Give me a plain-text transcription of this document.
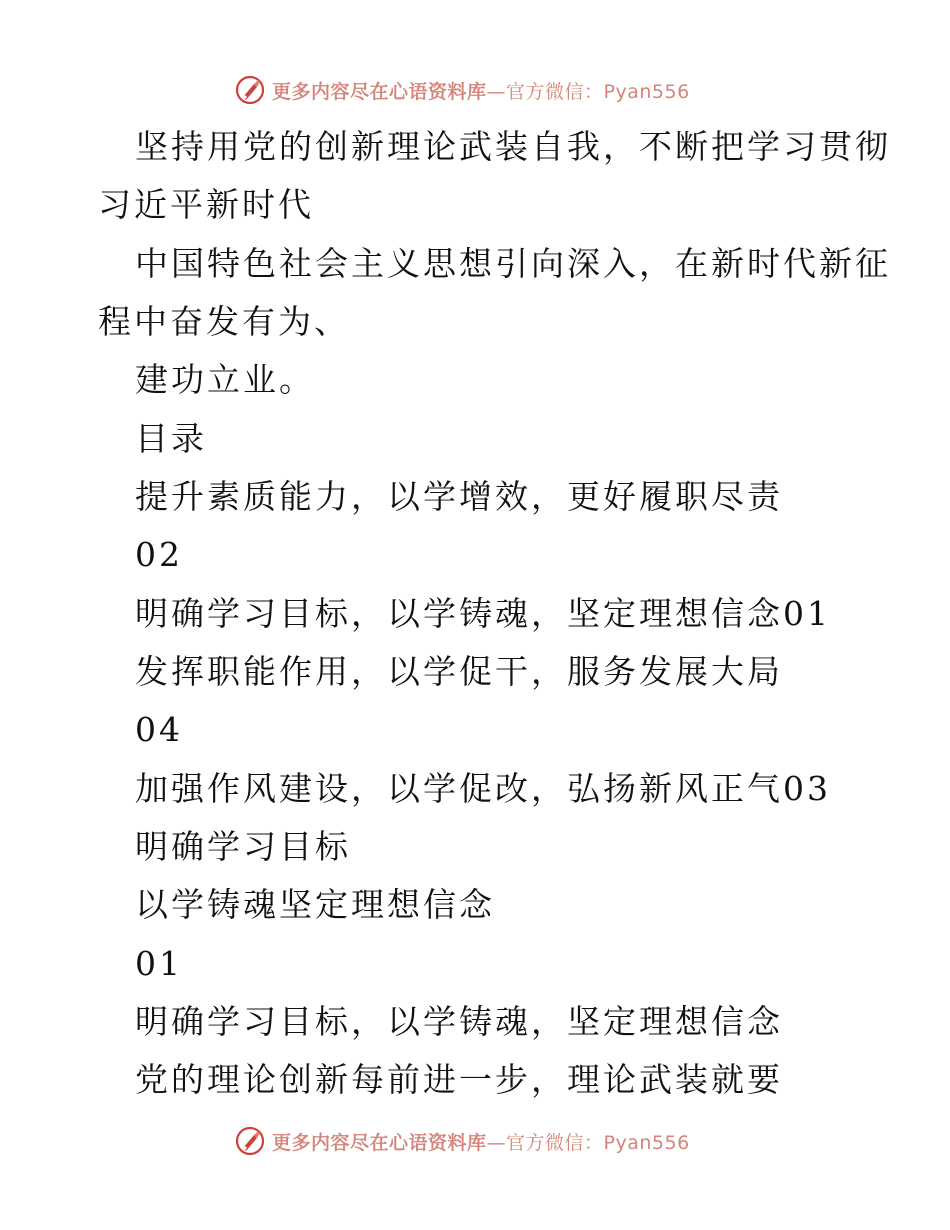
更多内容尽在心语资料库—官方微信：Pyan556
坚持用党的创新理论武装自我，不断把学习贯彻
习近平新时代
中国特色社会主义思想引向深入，在新时代新征
程中奋发有为、
建功立业。
目录
提升素质能力，以学增效，更好履职尽责
02
明确学习目标，以学铸魂，坚定理想信念01
发挥职能作用，以学促干，服务发展大局
04
加强作风建设，以学促改，弘扬新风正气03
明确学习目标
以学铸魂坚定理想信念
01
明确学习目标，以学铸魂，坚定理想信念
党的理论创新每前进一步，理论武装就要
更多内容尽在心语资料库—官方微信：Pyan556
